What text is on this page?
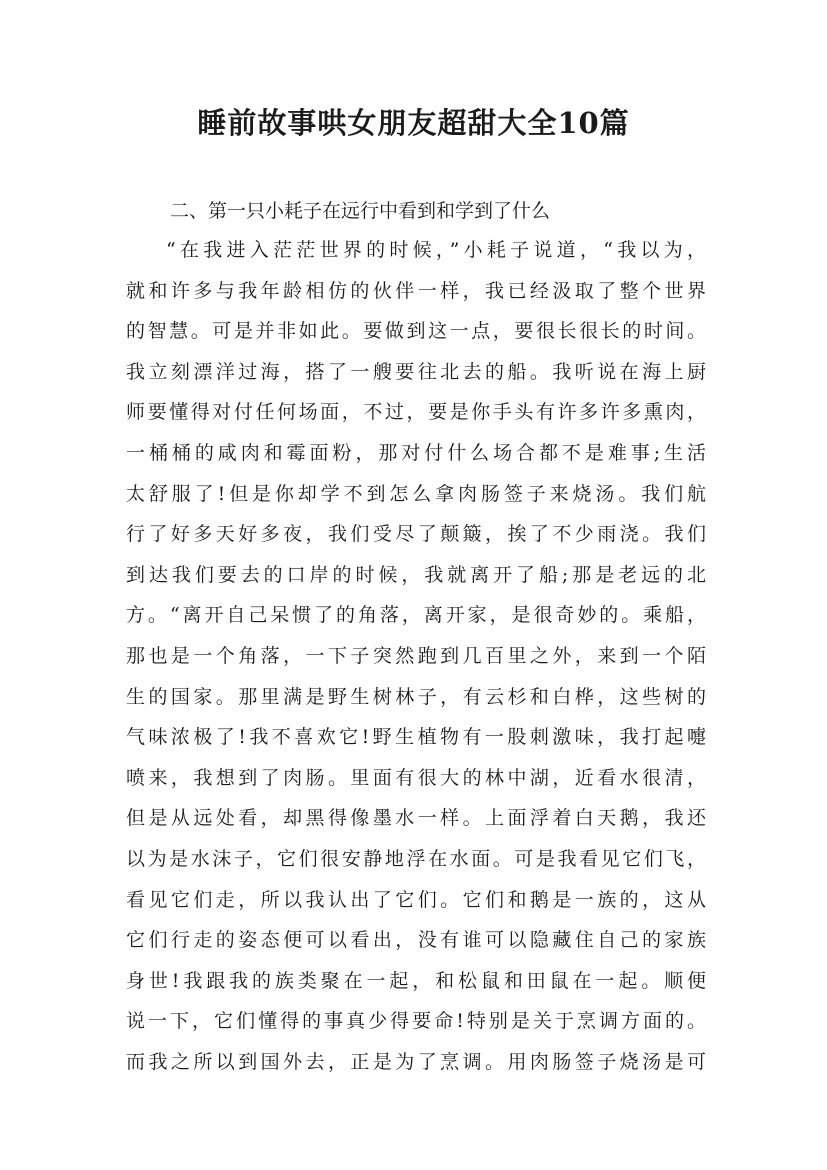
睡前故事哄女朋友超甜大全10篇

二、第一只小耗子在远行中看到和学到了什么

“在我进入茫茫世界的时候，”小耗子说道，“我以为，
就和许多与我年龄相仿的伙伴一样，我已经汲取了整个世界
的智慧。可是并非如此。要做到这一点，要很长很长的时间。
我立刻漂洋过海，搭了一艘要往北去的船。我听说在海上厨
师要懂得对付任何场面，不过，要是你手头有许多许多熏肉，
一桶桶的咸肉和霉面粉，那对付什么场合都不是难事;生活
太舒服了!但是你却学不到怎么拿肉肠签子来烧汤。我们航
行了好多天好多夜，我们受尽了颠簸，挨了不少雨浇。我们
到达我们要去的口岸的时候，我就离开了船;那是老远的北
方。“离开自己呆惯了的角落，离开家，是很奇妙的。乘船，
那也是一个角落，一下子突然跑到几百里之外，来到一个陌
生的国家。那里满是野生树林子，有云杉和白桦，这些树的
气味浓极了!我不喜欢它!野生植物有一股刺激味，我打起嚏
喷来，我想到了肉肠。里面有很大的林中湖，近看水很清，
但是从远处看，却黑得像墨水一样。上面浮着白天鹅，我还
以为是水沫子，它们很安静地浮在水面。可是我看见它们飞，
看见它们走，所以我认出了它们。它们和鹅是一族的，这从
它们行走的姿态便可以看出，没有谁可以隐藏住自己的家族
身世!我跟我的族类聚在一起，和松鼠和田鼠在一起。顺便
说一下，它们懂得的事真少得要命!特别是关于烹调方面的。
而我之所以到国外去，正是为了烹调。用肉肠签子烧汤是可
